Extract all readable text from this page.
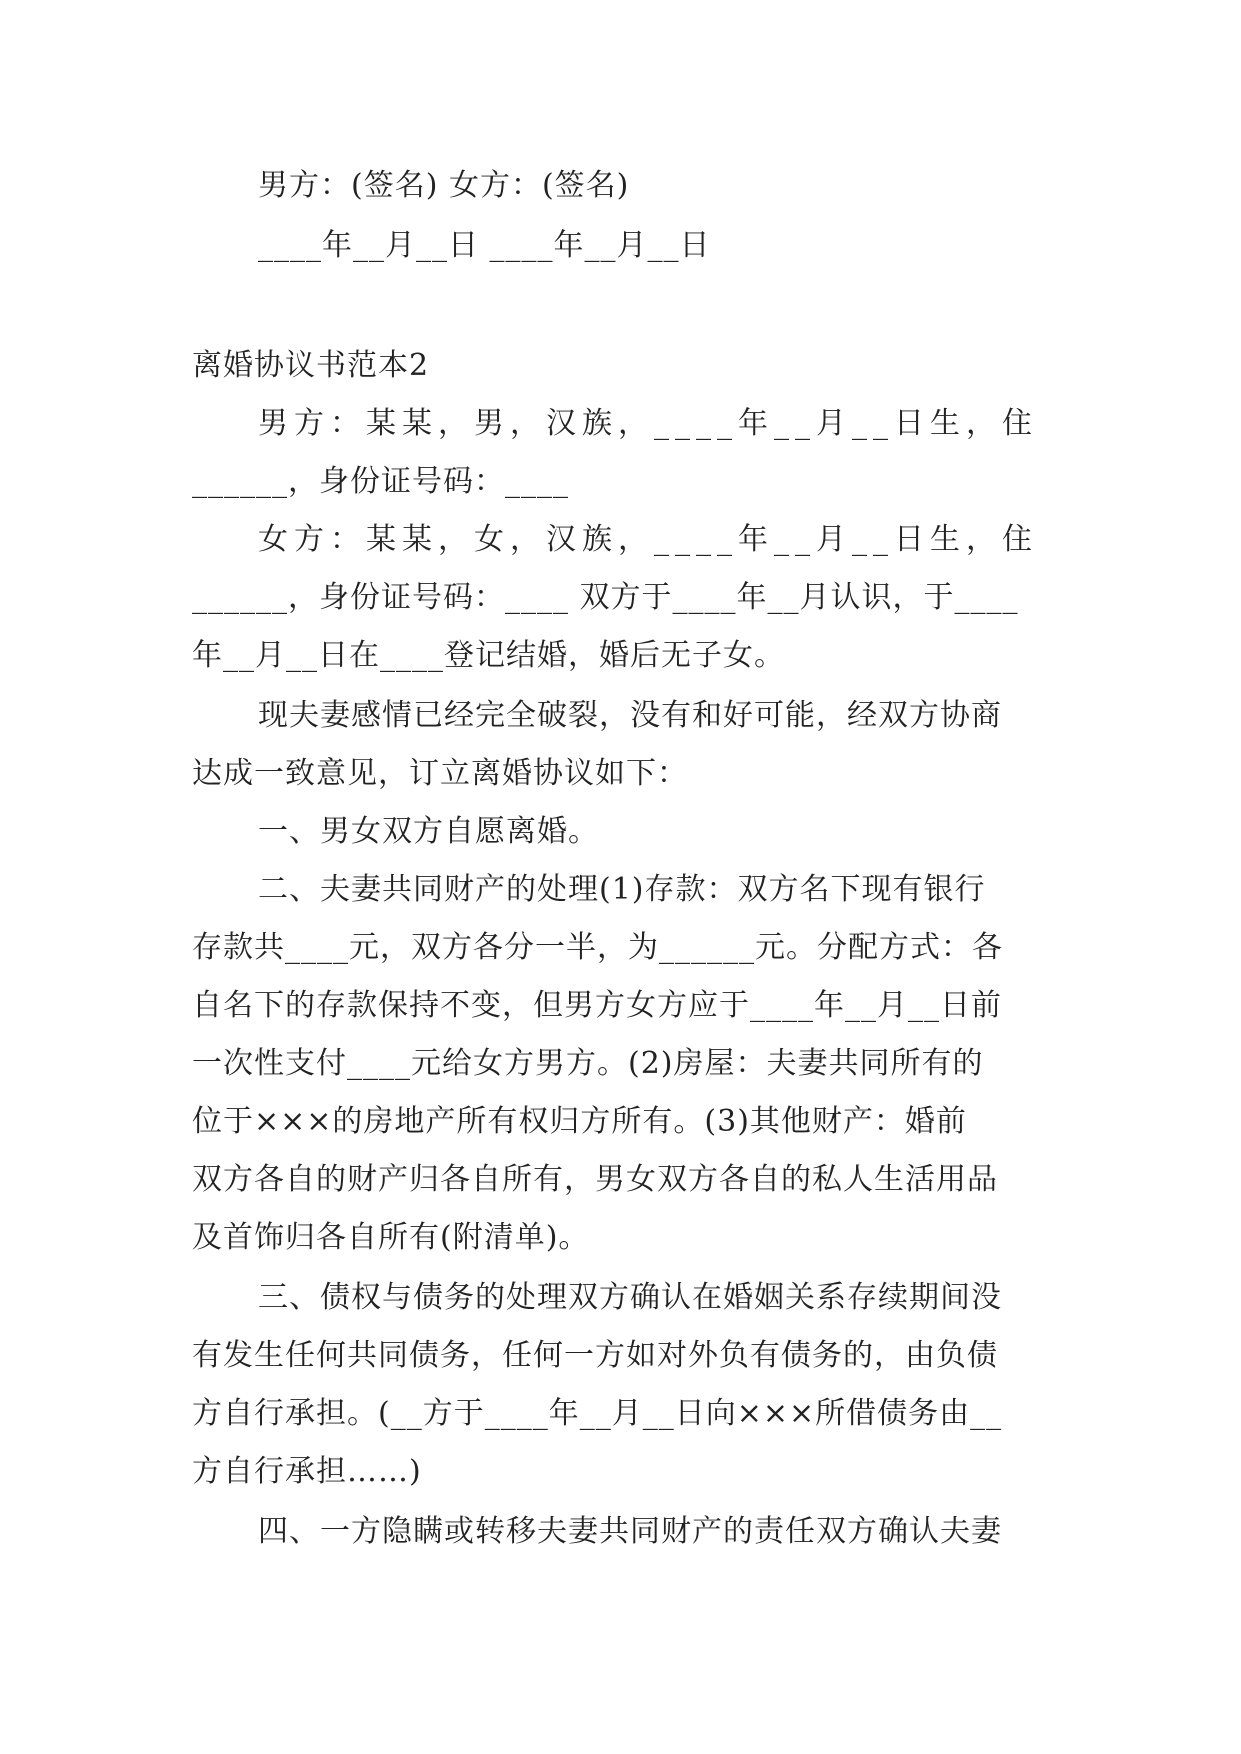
男方：(签名) 女方：(签名)
____年__月__日 ____年__月__日
离婚协议书范本2
男方：某某，男，汉族，____年__月__日生，住
______，身份证号码：____
女方：某某，女，汉族，____年__月__日生，住
______，身份证号码：____ 双方于____年__月认识，于____
年__月__日在____登记结婚，婚后无子女。
现夫妻感情已经完全破裂，没有和好可能，经双方协商
达成一致意见，订立离婚协议如下：
一、男女双方自愿离婚。
二、夫妻共同财产的处理(1)存款：双方名下现有银行
存款共____元，双方各分一半，为______元。分配方式：各
自名下的存款保持不变，但男方女方应于____年__月__日前
一次性支付____元给女方男方。(2)房屋：夫妻共同所有的
位于×××的房地产所有权归方所有。(3)其他财产：婚前
双方各自的财产归各自所有，男女双方各自的私人生活用品
及首饰归各自所有(附清单)。
三、债权与债务的处理双方确认在婚姻关系存续期间没
有发生任何共同债务，任何一方如对外负有债务的，由负债
方自行承担。(__方于____年__月__日向×××所借债务由__
方自行承担……)
四、一方隐瞒或转移夫妻共同财产的责任双方确认夫妻
